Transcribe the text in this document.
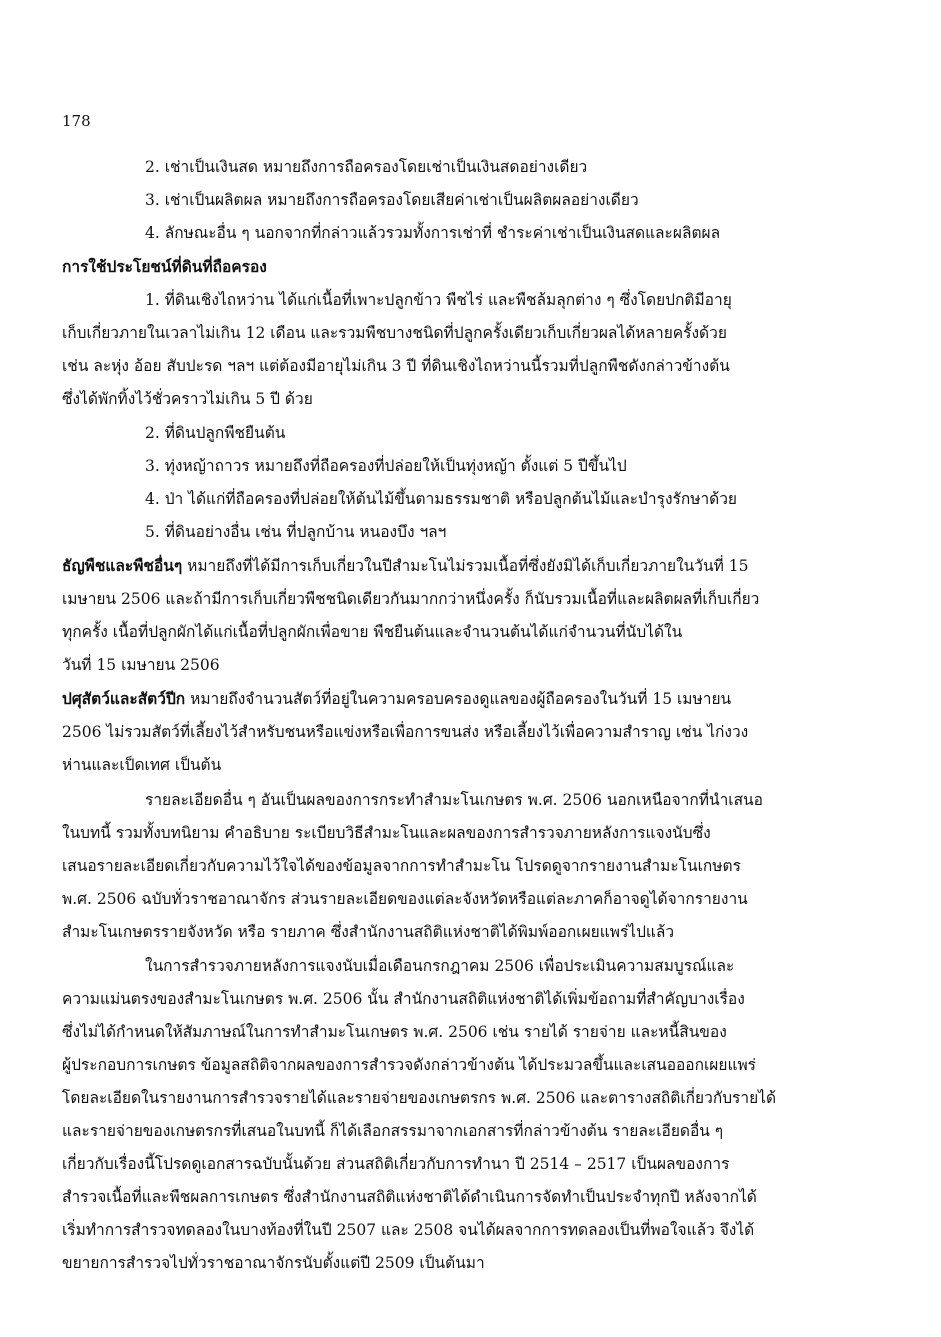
178
2. เช่าเป็นเงินสด หมายถึงการถือครองโดยเช่าเป็นเงินสดอย่างเดียว
3. เช่าเป็นผลิตผล หมายถึงการถือครองโดยเสียค่าเช่าเป็นผลิตผลอย่างเดียว
4. ลักษณะอื่น ๆ นอกจากที่กล่าวแล้วรวมทั้งการเช่าที่ ชำระค่าเช่าเป็นเงินสดและผลิตผล
การใช้ประโยชน์ที่ดินที่ถือครอง
1. ที่ดินเชิงไถหว่าน ได้แก่เนื้อที่เพาะปลูกข้าว พืชไร่ และพืชล้มลุกต่าง ๆ ซึ่งโดยปกติมีอายุ
เก็บเกี่ยวภายในเวลาไม่เกิน 12 เดือน และรวมพืชบางชนิดที่ปลูกครั้งเดียวเก็บเกี่ยวผลได้หลายครั้งด้วย
เช่น ละหุ่ง อ้อย สับปะรด ฯลฯ แต่ต้องมีอายุไม่เกิน 3 ปี ที่ดินเชิงไถหว่านนี้รวมที่ปลูกพืชดังกล่าวข้างต้น
ซึ่งได้พักทิ้งไว้ชั่วคราวไม่เกิน 5 ปี ด้วย
2. ที่ดินปลูกพืชยืนต้น
3. ทุ่งหญ้าถาวร หมายถึงที่ถือครองที่ปล่อยให้เป็นทุ่งหญ้า ตั้งแต่ 5 ปีขึ้นไป
4. ป่า ได้แก่ที่ถือครองที่ปล่อยให้ต้นไม้ขึ้นตามธรรมชาติ หรือปลูกต้นไม้และบำรุงรักษาด้วย
5. ที่ดินอย่างอื่น เช่น ที่ปลูกบ้าน หนองบึง ฯลฯ
ธัญพืชและพืชอื่นๆ หมายถึงที่ได้มีการเก็บเกี่ยวในปีสำมะโนไม่รวมเนื้อที่ซึ่งยังมิได้เก็บเกี่ยวภายในวันที่ 15
เมษายน 2506 และถ้ามีการเก็บเกี่ยวพืชชนิดเดียวกันมากกว่าหนึ่งครั้ง ก็นับรวมเนื้อที่และผลิตผลที่เก็บเกี่ยว
ทุกครั้ง เนื้อที่ปลูกผักได้แก่เนื้อที่ปลูกผักเพื่อขาย พืชยืนต้นและจำนวนต้นได้แก่จำนวนที่นับได้ใน
วันที่ 15 เมษายน 2506
ปศุสัตว์และสัตว์ปีก หมายถึงจำนวนสัตว์ที่อยู่ในความครอบครองดูแลของผู้ถือครองในวันที่ 15 เมษายน
2506 ไม่รวมสัตว์ที่เลี้ยงไว้สำหรับชนหรือแข่งหรือเพื่อการขนส่ง หรือเลี้ยงไว้เพื่อความสำราญ เช่น ไก่งวง
ห่านและเป็ดเทศ เป็นต้น
รายละเอียดอื่น ๆ อันเป็นผลของการกระทำสำมะโนเกษตร พ.ศ. 2506 นอกเหนือจากที่นำเสนอ
ในบทนี้ รวมทั้งบทนิยาม คำอธิบาย ระเบียบวิธีสำมะโนและผลของการสำรวจภายหลังการแจงนับซึ่ง
เสนอรายละเอียดเกี่ยวกับความไว้ใจได้ของข้อมูลจากการทำสำมะโน โปรดดูจากรายงานสำมะโนเกษตร
พ.ศ. 2506 ฉบับทั่วราชอาณาจักร ส่วนรายละเอียดของแต่ละจังหวัดหรือแต่ละภาคก็อาจดูได้จากรายงาน
สำมะโนเกษตรรายจังหวัด หรือ รายภาค ซึ่งสำนักงานสถิติแห่งชาติได้พิมพ์ออกเผยแพร่ไปแล้ว
ในการสำรวจภายหลังการแจงนับเมื่อเดือนกรกฎาคม 2506 เพื่อประเมินความสมบูรณ์และ
ความแม่นตรงของสำมะโนเกษตร พ.ศ. 2506 นั้น สำนักงานสถิติแห่งชาติได้เพิ่มข้อถามที่สำคัญบางเรื่อง
ซึ่งไม่ได้กำหนดให้สัมภาษณ์ในการทำสำมะโนเกษตร พ.ศ. 2506 เช่น รายได้ รายจ่าย และหนี้สินของ
ผู้ประกอบการเกษตร ข้อมูลสถิติจากผลของการสำรวจดังกล่าวข้างต้น ได้ประมวลขึ้นและเสนอออกเผยแพร่
โดยละเอียดในรายงานการสำรวจรายได้และรายจ่ายของเกษตรกร พ.ศ. 2506 และตารางสถิติเกี่ยวกับรายได้
และรายจ่ายของเกษตรกรที่เสนอในบทนี้ ก็ได้เลือกสรรมาจากเอกสารที่กล่าวข้างต้น รายละเอียดอื่น ๆ
เกี่ยวกับเรื่องนี้โปรดดูเอกสารฉบับนั้นด้วย ส่วนสถิติเกี่ยวกับการทำนา ปี 2514 – 2517 เป็นผลของการ
สำรวจเนื้อที่และพืชผลการเกษตร ซึ่งสำนักงานสถิติแห่งชาติได้ดำเนินการจัดทำเป็นประจำทุกปี หลังจากได้
เริ่มทำการสำรวจทดลองในบางท้องที่ในปี 2507 และ 2508 จนได้ผลจากการทดลองเป็นที่พอใจแล้ว จึงได้
ขยายการสำรวจไปทั่วราชอาณาจักรนับตั้งแต่ปี 2509 เป็นต้นมา
